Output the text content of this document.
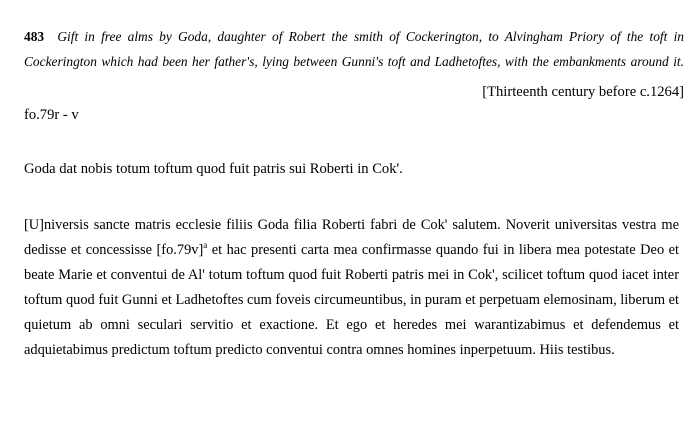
483 Gift in free alms by Goda, daughter of Robert the smith of Cockerington, to Alvingham Priory of the toft in Cockerington which had been her father's, lying between Gunni's toft and Ladhetoftes, with the embankments around it.
[Thirteenth century before c.1264]
fo.79r - v
Goda dat nobis totum toftum quod fuit patris sui Roberti in Cok'.
[U]niversis sancte matris ecclesie filiis Goda filia Roberti fabri de Cok' salutem. Noverit universitas vestra me dedisse et concessisse $[fo.79v]^a$ et hac presenti carta mea confirmasse quando fui in libera mea potestate Deo et beate Marie et conventui de Al' totum toftum quod fuit Roberti patris mei in Cok', scilicet toftum quod iacet inter toftum quod fuit Gunni et Ladhetoftes cum foveis circumeuntibus, in puram et perpetuam elemosinam, liberum et quietum ab omni seculari servitio et exactione. Et ego et heredes mei warantizabimus et defendemus et adquietabimus predictum toftum predicto conventui contra omnes homines inperpetuum. Hiis testibus.
